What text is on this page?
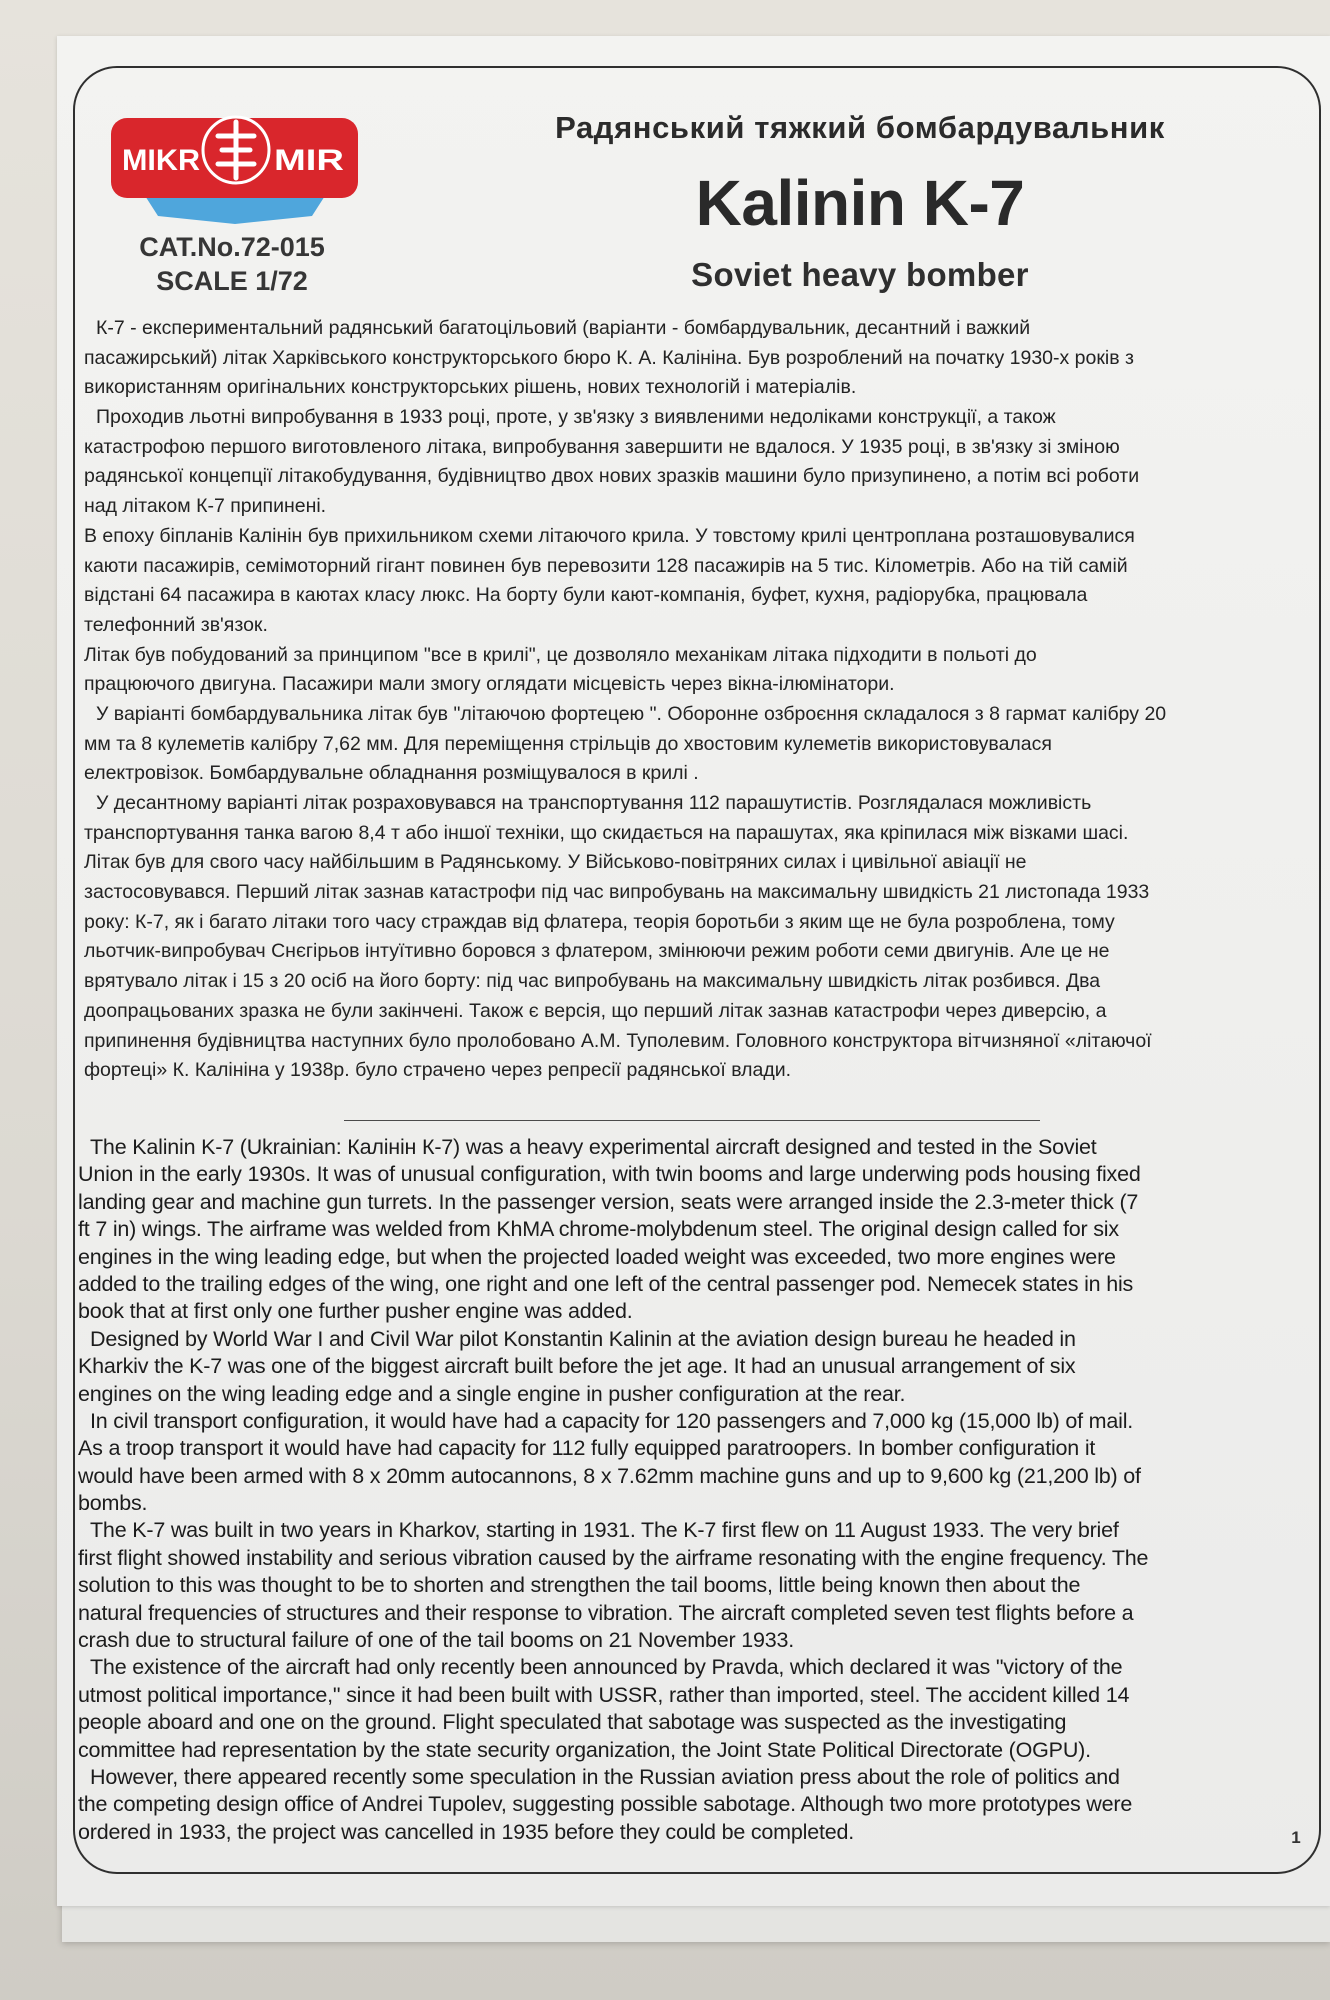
MIKR MIR
CAT.No.72-015
SCALE 1/72
Радянський тяжкий бомбардувальник
Kalinin K-7
Soviet heavy bomber
К-7 - експериментальний радянський багатоцільовий (варіанти - бомбардувальник, десантний і важкий
пасажирський) літак Харківського конструкторського бюро К. А. Калініна. Був розроблений на початку 1930-х років з
використанням оригінальних конструкторських рішень, нових технологій і матеріалів.
Проходив льотні випробування в 1933 році, проте, у зв'язку з виявленими недоліками конструкції, а також
катастрофою першого виготовленого літака, випробування завершити не вдалося. У 1935 році, в зв'язку зі зміною
радянської концепції літакобудування, будівництво двох нових зразків машини було призупинено, а потім всі роботи
над літаком К-7 припинені.
В епоху біпланів Калінін був прихильником схеми літаючого крила. У товстому крилі центроплана розташовувалися
каюти пасажирів, семімоторний гігант повинен був перевозити 128 пасажирів на 5 тис. Кілометрів. Або на тій самій
відстані 64 пасажира в каютах класу люкс. На борту були кают-компанія, буфет, кухня, радіорубка, працювала
телефонний зв'язок.
Літак був побудований за принципом "все в крилі", це дозволяло механікам літака підходити в польоті до
працюючого двигуна. Пасажири мали змогу оглядати місцевість через вікна-ілюмінатори.
У варіанті бомбардувальника літак був "літаючою фортецею ". Оборонне озброєння складалося з 8 гармат калібру 20
мм та 8 кулеметів калібру 7,62 мм. Для переміщення стрільців до хвостовим кулеметів використовувалася
електровізок. Бомбардувальне обладнання розміщувалося в крилі .
У десантному варіанті літак розраховувався на транспортування 112 парашутистів. Розглядалася можливість
транспортування танка вагою 8,4 т або іншої техніки, що скидається на парашутах, яка кріпилася між візками шасі.
Літак був для свого часу найбільшим в Радянському. У Військово-повітряних силах і цивільної авіації не
застосовувався. Перший літак зазнав катастрофи під час випробувань на максимальну швидкість 21 листопада 1933
року: К-7, як і багато літаки того часу страждав від флатера, теорія боротьби з яким ще не була розроблена, тому
льотчик-випробувач Снєгірьов інтуїтивно боровся з флатером, змінюючи режим роботи семи двигунів. Але це не
врятувало літак і 15 з 20 осіб на його борту: під час випробувань на максимальну швидкість літак розбився. Два
доопрацьованих зразка не були закінчені. Також є версія, що перший літак зазнав катастрофи через диверсію, а
припинення будівництва наступних було пролобовано А.М. Туполевим. Головного конструктора вітчизняної «літаючої
фортеці» К. Калініна у 1938р. було страчено через репресії радянської влади.
The Kalinin K-7 (Ukrainian: Калінін К-7) was a heavy experimental aircraft designed and tested in the Soviet
Union in the early 1930s. It was of unusual configuration, with twin booms and large underwing pods housing fixed
landing gear and machine gun turrets. In the passenger version, seats were arranged inside the 2.3-meter thick (7
ft 7 in) wings. The airframe was welded from KhMA chrome-molybdenum steel. The original design called for six
engines in the wing leading edge, but when the projected loaded weight was exceeded, two more engines were
added to the trailing edges of the wing, one right and one left of the central passenger pod. Nemecek states in his
book that at first only one further pusher engine was added.
Designed by World War I and Civil War pilot Konstantin Kalinin at the aviation design bureau he headed in
Kharkiv the K-7 was one of the biggest aircraft built before the jet age. It had an unusual arrangement of six
engines on the wing leading edge and a single engine in pusher configuration at the rear.
In civil transport configuration, it would have had a capacity for 120 passengers and 7,000 kg (15,000 lb) of mail.
As a troop transport it would have had capacity for 112 fully equipped paratroopers. In bomber configuration it
would have been armed with 8 x 20mm autocannons, 8 x 7.62mm machine guns and up to 9,600 kg (21,200 lb) of
bombs.
The K-7 was built in two years in Kharkov, starting in 1931. The K-7 first flew on 11 August 1933. The very brief
first flight showed instability and serious vibration caused by the airframe resonating with the engine frequency. The
solution to this was thought to be to shorten and strengthen the tail booms, little being known then about the
natural frequencies of structures and their response to vibration. The aircraft completed seven test flights before a
crash due to structural failure of one of the tail booms on 21 November 1933.
The existence of the aircraft had only recently been announced by Pravda, which declared it was "victory of the
utmost political importance," since it had been built with USSR, rather than imported, steel. The accident killed 14
people aboard and one on the ground. Flight speculated that sabotage was suspected as the investigating
committee had representation by the state security organization, the Joint State Political Directorate (OGPU).
However, there appeared recently some speculation in the Russian aviation press about the role of politics and
the competing design office of Andrei Tupolev, suggesting possible sabotage. Although two more prototypes were
ordered in 1933, the project was cancelled in 1935 before they could be completed.	1
